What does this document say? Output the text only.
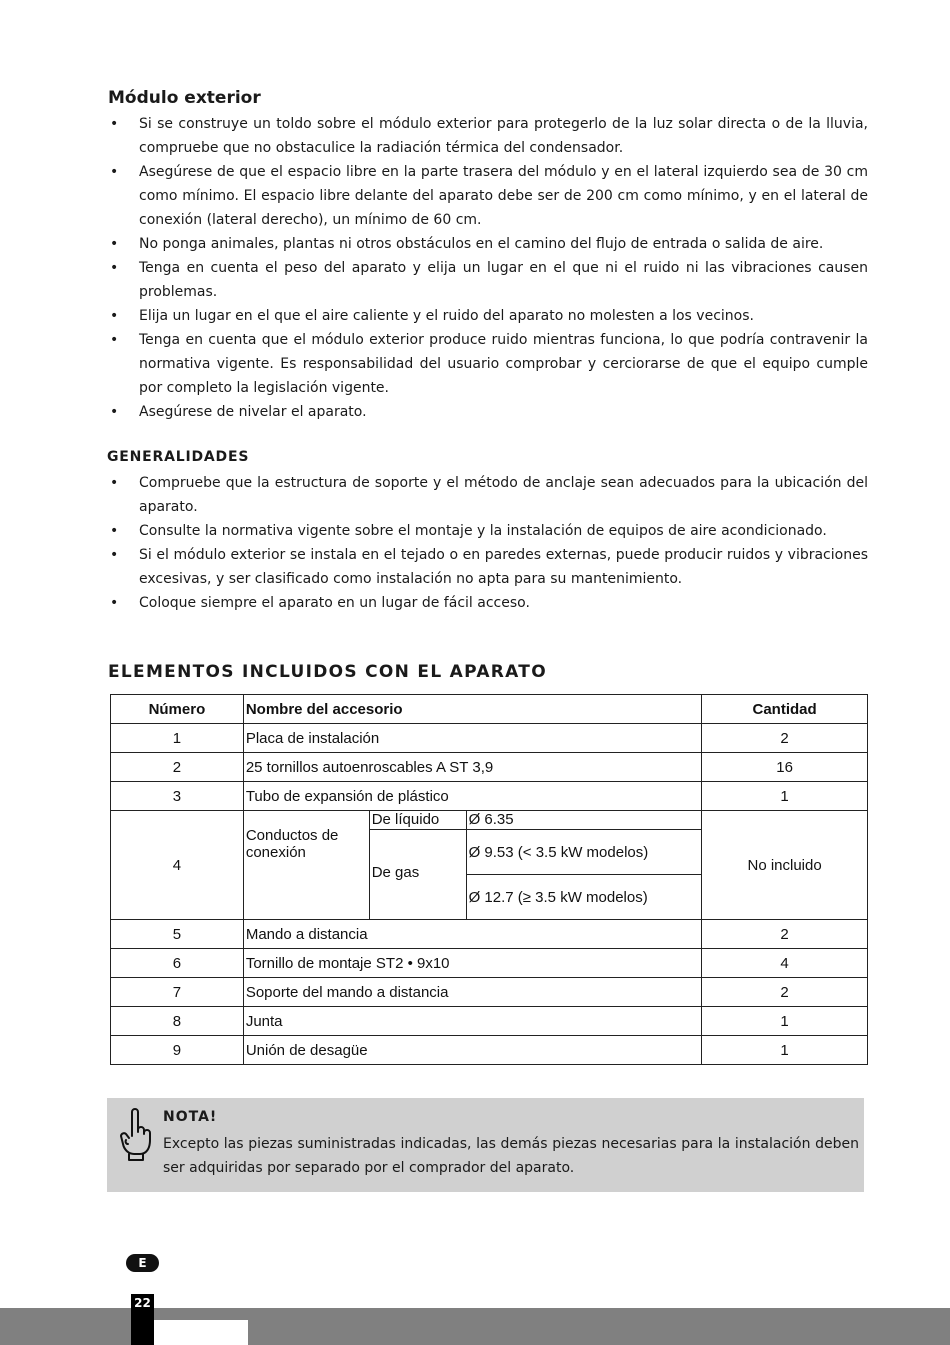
Módulo exterior
• Si se construye un toldo sobre el módulo exterior para protegerlo de la luz solar directa o de la lluvia, compruebe que no obstaculice la radiación térmica del condensador.
• Asegúrese de que el espacio libre en la parte trasera del módulo y en el lateral izquierdo sea de 30 cm como mínimo. El espacio libre delante del aparato debe ser de 200 cm como mínimo, y en el lateral de conexión (lateral derecho), un mínimo de 60 cm.
• No ponga animales, plantas ni otros obstáculos en el camino del flujo de entrada o salida de aire.
• Tenga en cuenta el peso del aparato y elija un lugar en el que ni el ruido ni las vibraciones causen problemas.
• Elija un lugar en el que el aire caliente y el ruido del aparato no molesten a los vecinos.
• Tenga en cuenta que el módulo exterior produce ruido mientras funciona, lo que podría contravenir la normativa vigente. Es responsabilidad del usuario comprobar y cerciorarse de que el equipo cumple por completo la legislación vigente.
• Asegúrese de nivelar el aparato.
GENERALIDADES
• Compruebe que la estructura de soporte y el método de anclaje sean adecuados para la ubicación del aparato.
• Consulte la normativa vigente sobre el montaje y la instalación de equipos de aire acondicionado.
• Si el módulo exterior se instala en el tejado o en paredes externas, puede producir ruidos y vibraciones excesivas, y ser clasificado como instalación no apta para su mantenimiento.
• Coloque siempre el aparato en un lugar de fácil acceso.
ELEMENTOS INCLUIDOS CON EL APARATO
Número	Nombre del accesorio			Cantidad
1	Placa de instalación			2
2	25 tornillos autoenroscables A ST 3,9			16
3	Tubo de expansión de plástico			1
4	Conductos de conexión	De líquido	Ø 6.35	No incluido
		De gas	Ø 9.53 (< 3.5 kW modelos)	
			Ø 12.7 (≥ 3.5 kW modelos)	
5	Mando a distancia			2
6	Tornillo de montaje ST2 • 9x10			4
7	Soporte del mando a distancia			2
8	Junta			1
9	Unión de desagüe			1
NOTA!
Excepto las piezas suministradas indicadas, las demás piezas necesarias para la instalación deben ser adquiridas por separado por el comprador del aparato.
E
22
